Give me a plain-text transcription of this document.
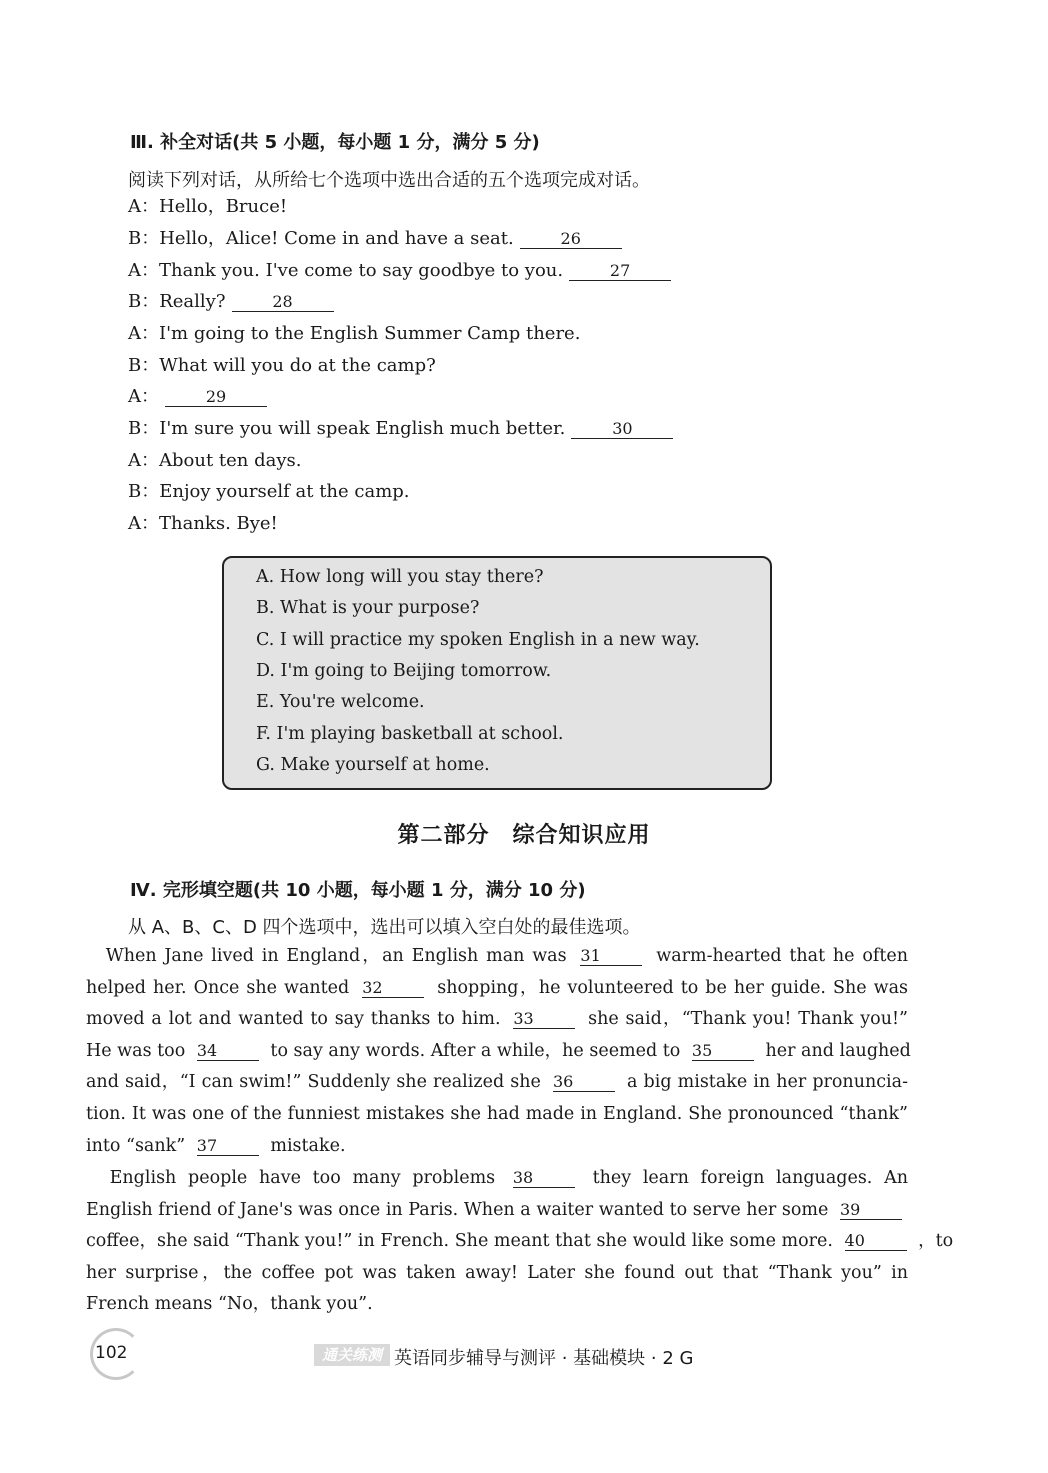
Ⅲ. 补全对话(共 5 小题，每小题 1 分，满分 5 分)
阅读下列对话，从所给七个选项中选出合适的五个选项完成对话。
A：Hello，Bruce!
B：Hello，Alice! Come in and have a seat.	26
A：Thank you. I've come to say goodbye to you.	27
B：Really?	28
A：I'm going to the English Summer Camp there.
B：What will you do at the camp?
A：	29
B：I'm sure you will speak English much better.	30
A：About ten days.
B：Enjoy yourself at the camp.
A：Thanks. Bye!
A. How long will you stay there?
B. What is your purpose?
C. I will practice my spoken English in a new way.
D. I'm going to Beijing tomorrow.
E. You're welcome.
F. I'm playing basketball at school.
G. Make yourself at home.
第二部分　综合知识应用
Ⅳ. 完形填空题(共 10 小题，每小题 1 分，满分 10 分)
从 A、B、C、D 四个选项中，选出可以填入空白处的最佳选项。
　When Jane lived in England，an English man was 31	warm-hearted that he often
helped her. Once she wanted 32	shopping，he volunteered to be her guide. She was
moved a lot and wanted to say thanks to him. 33	she said，“Thank you! Thank you!”
He was too 34	to say any words. After a while，he seemed to 35	her and laughed
and said，“I can swim!” Suddenly she realized she 36	a big mistake in her pronuncia-
tion. It was one of the funniest mistakes she had made in England. She pronounced “thank”
into “sank” 37	mistake.
　English people have too many problems 38	they learn foreign languages. An
English friend of Jane's was once in Paris. When a waiter wanted to serve her some 39
coffee，she said “Thank you!” in French. She meant that she would like some more. 40	，to
her surprise，the coffee pot was taken away! Later she found out that “Thank you” in
French means “No，thank you”.
102	通关练测 英语同步辅导与测评 · 基础模块 · 2 G
